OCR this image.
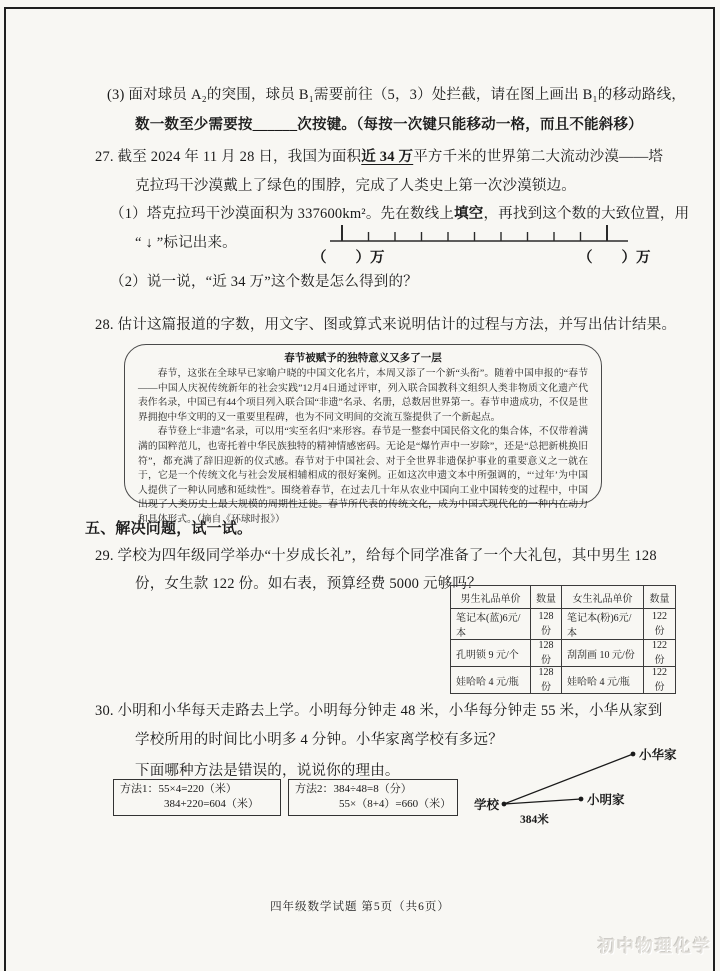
(3) 面对球员 A₂的突围，球员 B₁需要前往（5，3）处拦截，请在图上画出 B₁的移动路线，
数一数至少需要按______次按键。（每按一次键只能移动一格，而且不能斜移）
27. 截至 2024 年 11 月 28 日，我国为面积近 34 万平方千米的世界第二大流动沙漠——塔
克拉玛干沙漠戴上了绿色的围脖，完成了人类史上第一次沙漠锁边。
（1）塔克拉玛干沙漠面积为 337600km²。先在数线上填空，再找到这个数的大致位置，用
“ ↓ ”标记出来。
（　　）万	（　　）万
（2）说一说，“近 34 万”这个数是怎么得到的？
28. 估计这篇报道的字数，用文字、图或算式来说明估计的过程与方法，并写出估计结果。
春节被赋予的独特意义又多了一层

春节，这张在全球早已家喻户晓的中国文化名片，本周又添了一个新“头衔”。随着中国申报的“春节——中国人庆祝传统新年的社会实践”12月4日通过评审，列入联合国教科文组织人类非物质文化遗产代表作名录，中国已有44个项目列入联合国“非遗”名录、名册，总数居世界第一。春节申遗成功，不仅是世界拥抱中华文明的又一重要里程碑，也为不同文明间的交流互鉴提供了一个新起点。

春节登上“非遗”名录，可以用“实至名归”来形容。春节是一整套中国民俗文化的集合体，不仅带着满满的国粹范儿，也寄托着中华民族独特的精神情感密码。无论是“爆竹声中一岁除”，还是“总把新桃换旧符”，都充满了辞旧迎新的仪式感。春节对于中国社会、对于全世界非遗保护事业的重要意义之一就在于，它是一个传统文化与社会发展相辅相成的很好案例。正如这次申遗文本中所强调的，“‘过年’为中国人提供了一种认同感和延续性”。围绕着春节，在过去几十年从农业中国向工业中国转变的过程中，中国出现了人类历史上最大规模的周期性迁徙。春节所代表的传统文化，成为中国式现代化的一种内在动力和具体形式。（摘自《环球时报》）

五、解决问题，试一试。
29. 学校为四年级同学举办“十岁成长礼”，给每个同学准备了一个大礼包，其中男生 128
份，女生款 122 份。如右表，预算经费 5000 元够吗？
男生礼品单价	数量	女生礼品单价	数量
笔记本(蓝)6元/本	128 份	笔记本(粉)6元/本	122 份
孔明锁 9 元/个	128 份	刮刮画 10 元/份	122 份
娃哈哈 4 元/瓶	128 份	娃哈哈 4 元/瓶	122 份
30. 小明和小华每天走路去上学。小明每分钟走 48 米，小华每分钟走 55 米，小华从家到
学校所用的时间比小明多 4 分钟。小华家离学校有多远？
下面哪种方法是错误的，说说你的理由。
方法1：55×4=220（米）
384+220=604（米）
方法2：384÷48=8（分）
55×（8+4）=660（米） 学校	小明家
小华家
384米
四年级数学试题 第5页（共6页）
初中物理化学
